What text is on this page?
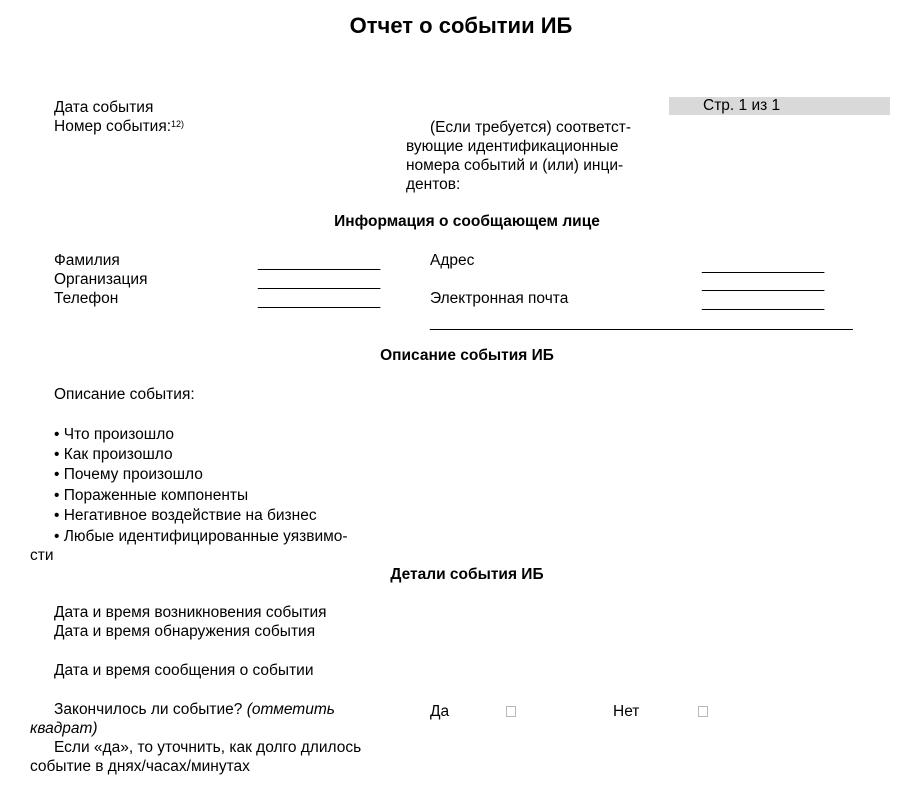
Отчет о событии ИБ
Дата события
Номер события:$^{12)}$
Стр. 1 из 1
(Если требуется) соответст-
вующие идентификационные
номера событий и (или) инци-
дентов:
Информация о сообщающем лице
Фамилия	_______________
Организация	_______________
Телефон	_______________
Адрес	_______________
_______________
Электронная почта	_______________
____________________________________________________
Описание события ИБ
Описание события:
• Что произошло
• Как произошло
• Почему произошло
• Пораженные компоненты
• Негативное воздействие на бизнес
• Любые идентифицированные уязвимо-
сти
Детали события ИБ
Дата и время возникновения события
Дата и время обнаружения события
Дата и время сообщения о событии
Закончилось ли событие? (отметить
квадрат)
Да	Нет
Если «да», то уточнить, как долго длилось
событие в днях/часах/минутах
